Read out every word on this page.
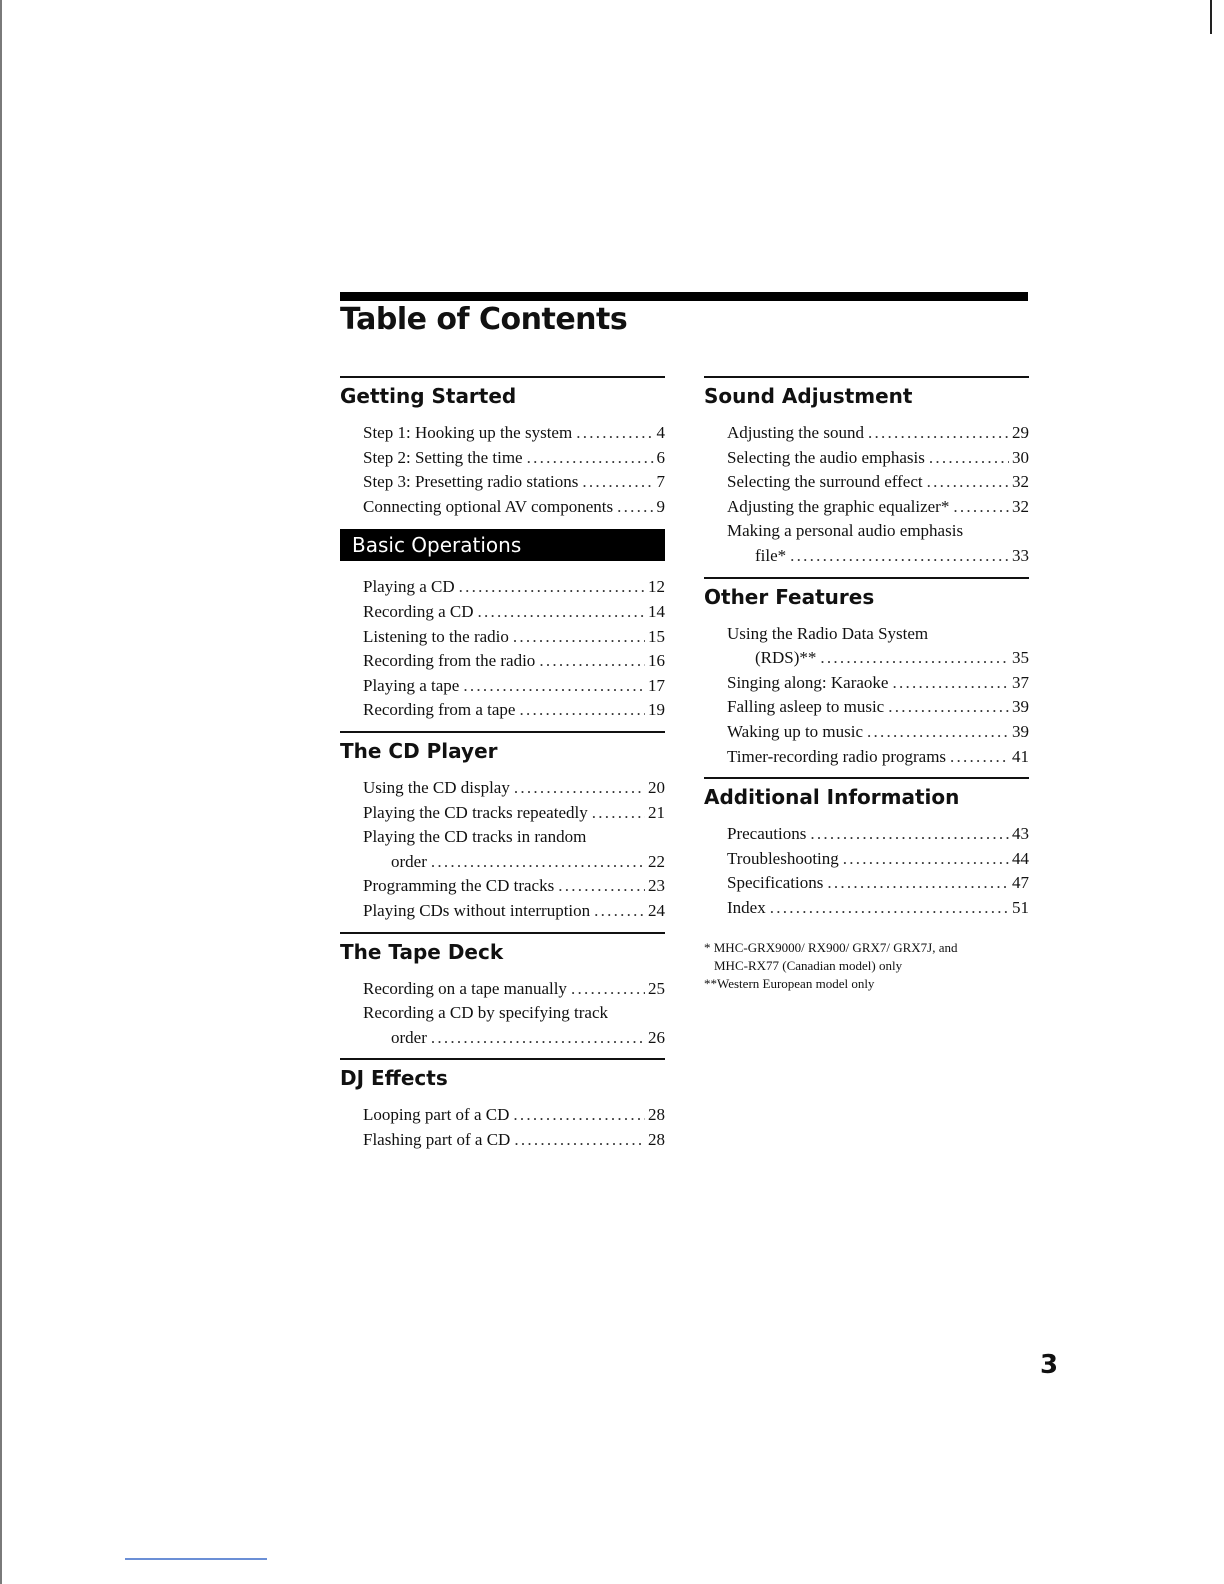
Table of Contents
Getting Started
Step 1: Hooking up the system . . .	4
Step 2: Setting the time . . .	6
Step 3: Presetting radio stations . . .	7
Connecting optional AV components . . .	9
Basic Operations
Playing a CD . . .	12
Recording a CD . . .	14
Listening to the radio . . .	15
Recording from the radio . . .	16
Playing a tape . . .	17
Recording from a tape . . .	19
The CD Player
Using the CD display . . .	20
Playing the CD tracks repeatedly . . .	21
Playing the CD tracks in random
order . . .	22
Programming the CD tracks . . .	23
Playing CDs without interruption . . .	24
The Tape Deck
Recording on a tape manually . . .	25
Recording a CD by specifying track
order . . .	26
DJ Effects
Looping part of a CD . . .	28
Flashing part of a CD . . .	28
Sound Adjustment
Adjusting the sound . . .	29
Selecting the audio emphasis . . .	30
Selecting the surround effect . . .	32
Adjusting the graphic equalizer* . . .	32
Making a personal audio emphasis
file* . . .	33
Other Features
Using the Radio Data System
(RDS)** . . .	35
Singing along: Karaoke . . .	37
Falling asleep to music . . .	39
Waking up to music . . .	39
Timer-recording radio programs . . .	41
Additional Information
Precautions . . .	43
Troubleshooting . . .	44
Specifications . . .	47
Index . . .	51

* MHC-GRX9000/ RX900/ GRX7/ GRX7J, and

MHC-RX77 (Canadian model) only

**Western European model only

3
